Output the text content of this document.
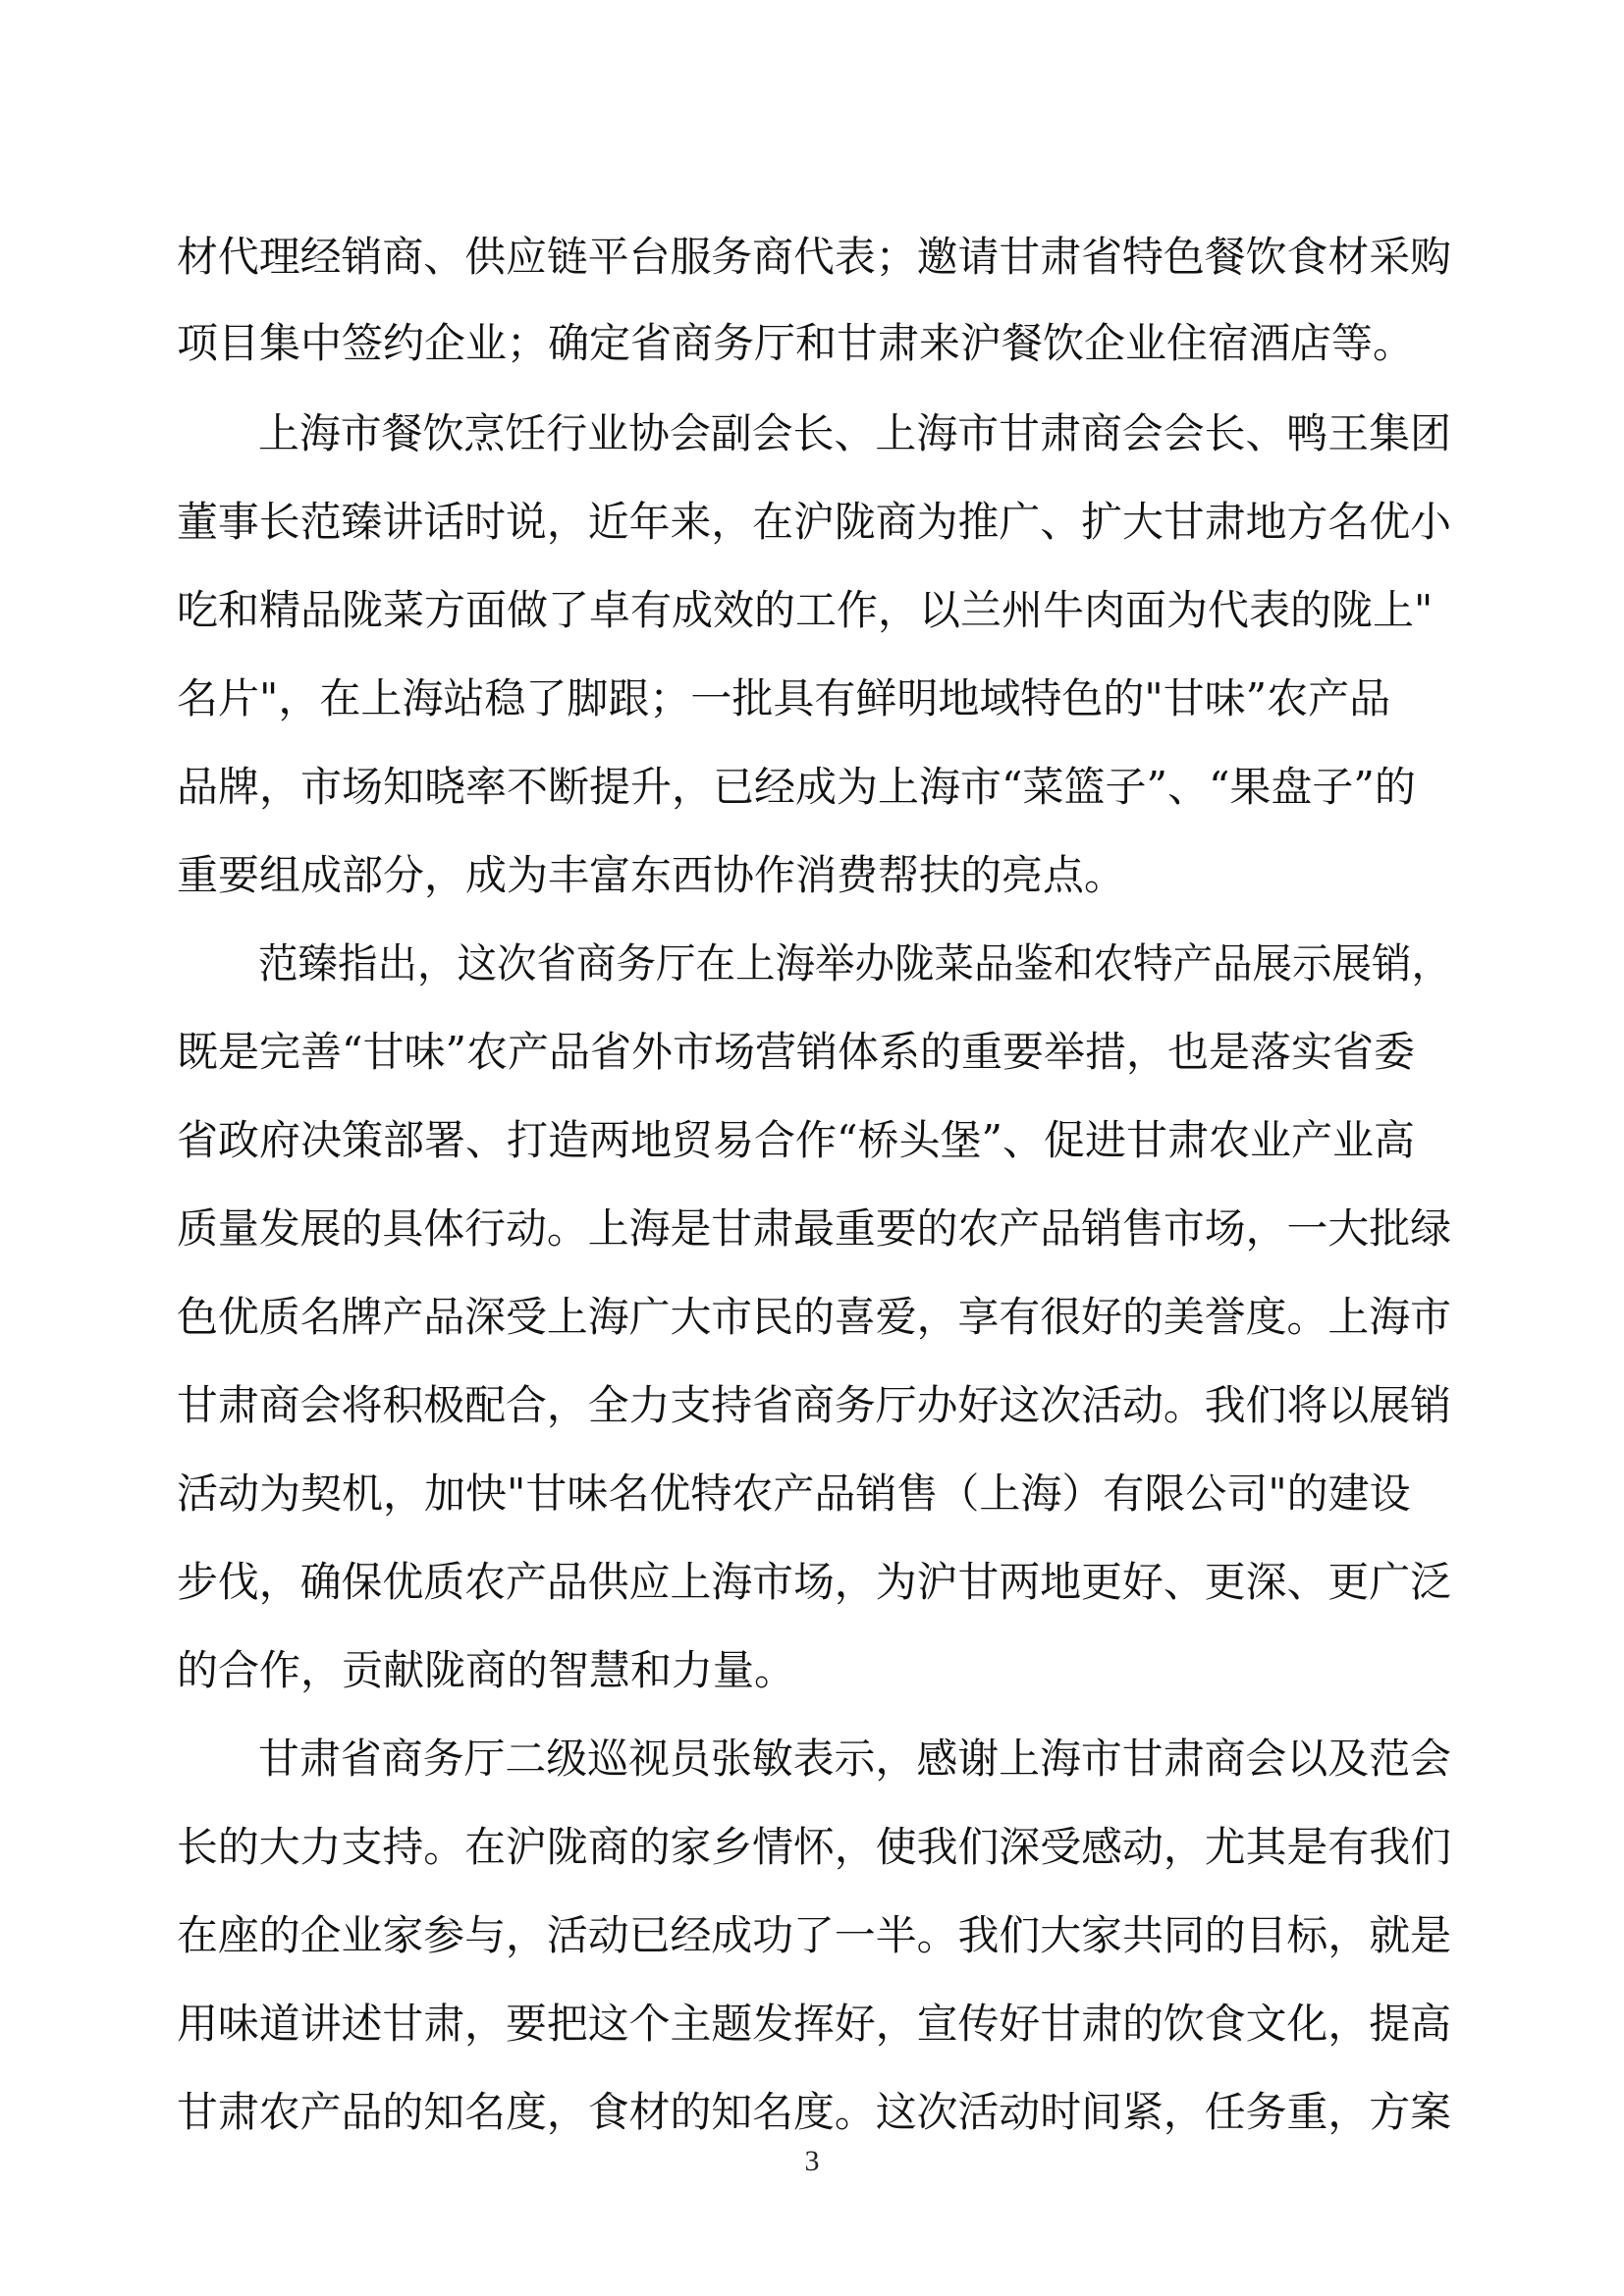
材代理经销商、供应链平台服务商代表；邀请甘肃省特色餐饮食材采购
项目集中签约企业；确定省商务厅和甘肃来沪餐饮企业住宿酒店等。
上海市餐饮烹饪行业协会副会长、上海市甘肃商会会长、鸭王集团
董事长范臻讲话时说，近年来，在沪陇商为推广、扩大甘肃地方名优小
吃和精品陇菜方面做了卓有成效的工作，以兰州牛肉面为代表的陇上"
名片"，在上海站稳了脚跟；一批具有鲜明地域特色的"甘味”农产品
品牌，市场知晓率不断提升，已经成为上海市“菜篮子”、“果盘子”的
重要组成部分，成为丰富东西协作消费帮扶的亮点。
范臻指出，这次省商务厅在上海举办陇菜品鉴和农特产品展示展销，
既是完善“甘味”农产品省外市场营销体系的重要举措，也是落实省委
省政府决策部署、打造两地贸易合作“桥头堡”、促进甘肃农业产业高
质量发展的具体行动。上海是甘肃最重要的农产品销售市场，一大批绿
色优质名牌产品深受上海广大市民的喜爱，享有很好的美誉度。上海市
甘肃商会将积极配合，全力支持省商务厅办好这次活动。我们将以展销
活动为契机，加快"甘味名优特农产品销售（上海）有限公司"的建设
步伐，确保优质农产品供应上海市场，为沪甘两地更好、更深、更广泛
的合作，贡献陇商的智慧和力量。
甘肃省商务厅二级巡视员张敏表示，感谢上海市甘肃商会以及范会
长的大力支持。在沪陇商的家乡情怀，使我们深受感动，尤其是有我们
在座的企业家参与，活动已经成功了一半。我们大家共同的目标，就是
用味道讲述甘肃，要把这个主题发挥好，宣传好甘肃的饮食文化，提高
甘肃农产品的知名度，食材的知名度。这次活动时间紧，任务重，方案
3
